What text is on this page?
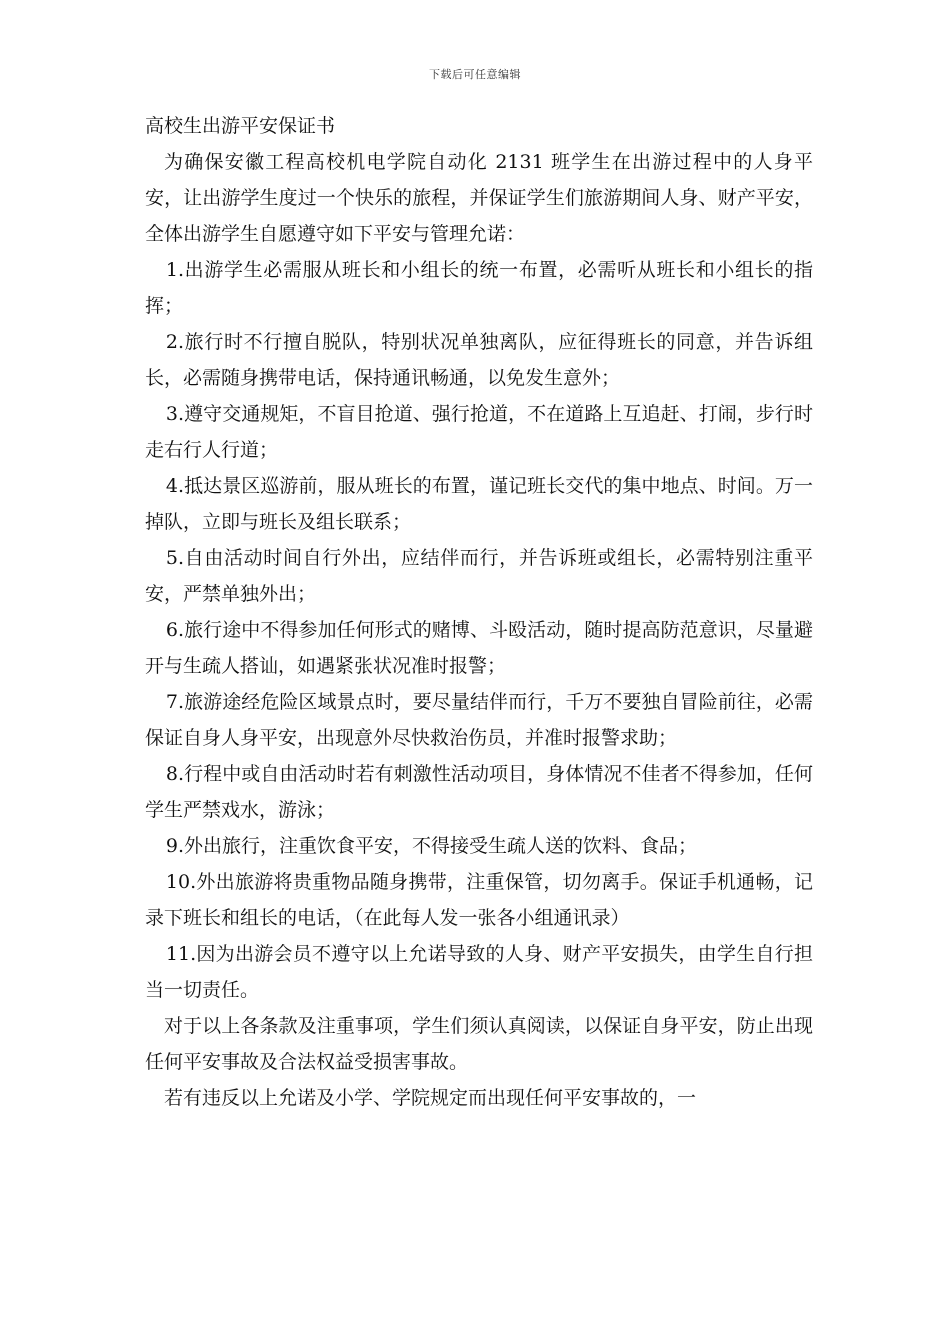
下载后可任意编辑
高校生出游平安保证书

为确保安徽工程高校机电学院自动化 2131 班学生在出游过程中的人身平安，让出游学生度过一个快乐的旅程，并保证学生们旅游期间人身、财产平安，全体出游学生自愿遵守如下平安与管理允诺：

1.出游学生必需服从班长和小组长的统一布置，必需听从班长和小组长的指挥；

2.旅行时不行擅自脱队，特别状况单独离队，应征得班长的同意，并告诉组长，必需随身携带电话，保持通讯畅通，以免发生意外；

3.遵守交通规矩，不盲目抢道、强行抢道，不在道路上互追赶、打闹，步行时走右行人行道；

4.抵达景区巡游前，服从班长的布置，谨记班长交代的集中地点、时间。万一掉队，立即与班长及组长联系；

5.自由活动时间自行外出，应结伴而行，并告诉班或组长，必需特别注重平安，严禁单独外出；

6.旅行途中不得参加任何形式的赌博、斗殴活动，随时提高防范意识，尽量避开与生疏人搭讪，如遇紧张状况准时报警；

7.旅游途经危险区域景点时，要尽量结伴而行，千万不要独自冒险前往，必需保证自身人身平安，出现意外尽快救治伤员，并准时报警求助；

8.行程中或自由活动时若有刺激性活动项目，身体情况不佳者不得参加，任何学生严禁戏水，游泳；

9.外出旅行，注重饮食平安，不得接受生疏人送的饮料、食品；

10.外出旅游将贵重物品随身携带，注重保管，切勿离手。保证手机通畅，记录下班长和组长的电话，（在此每人发一张各小组通讯录）

11.因为出游会员不遵守以上允诺导致的人身、财产平安损失，由学生自行担当一切责任。

对于以上各条款及注重事项，学生们须认真阅读，以保证自身平安，防止出现任何平安事故及合法权益受损害事故。

若有违反以上允诺及小学、学院规定而出现任何平安事故的，一
